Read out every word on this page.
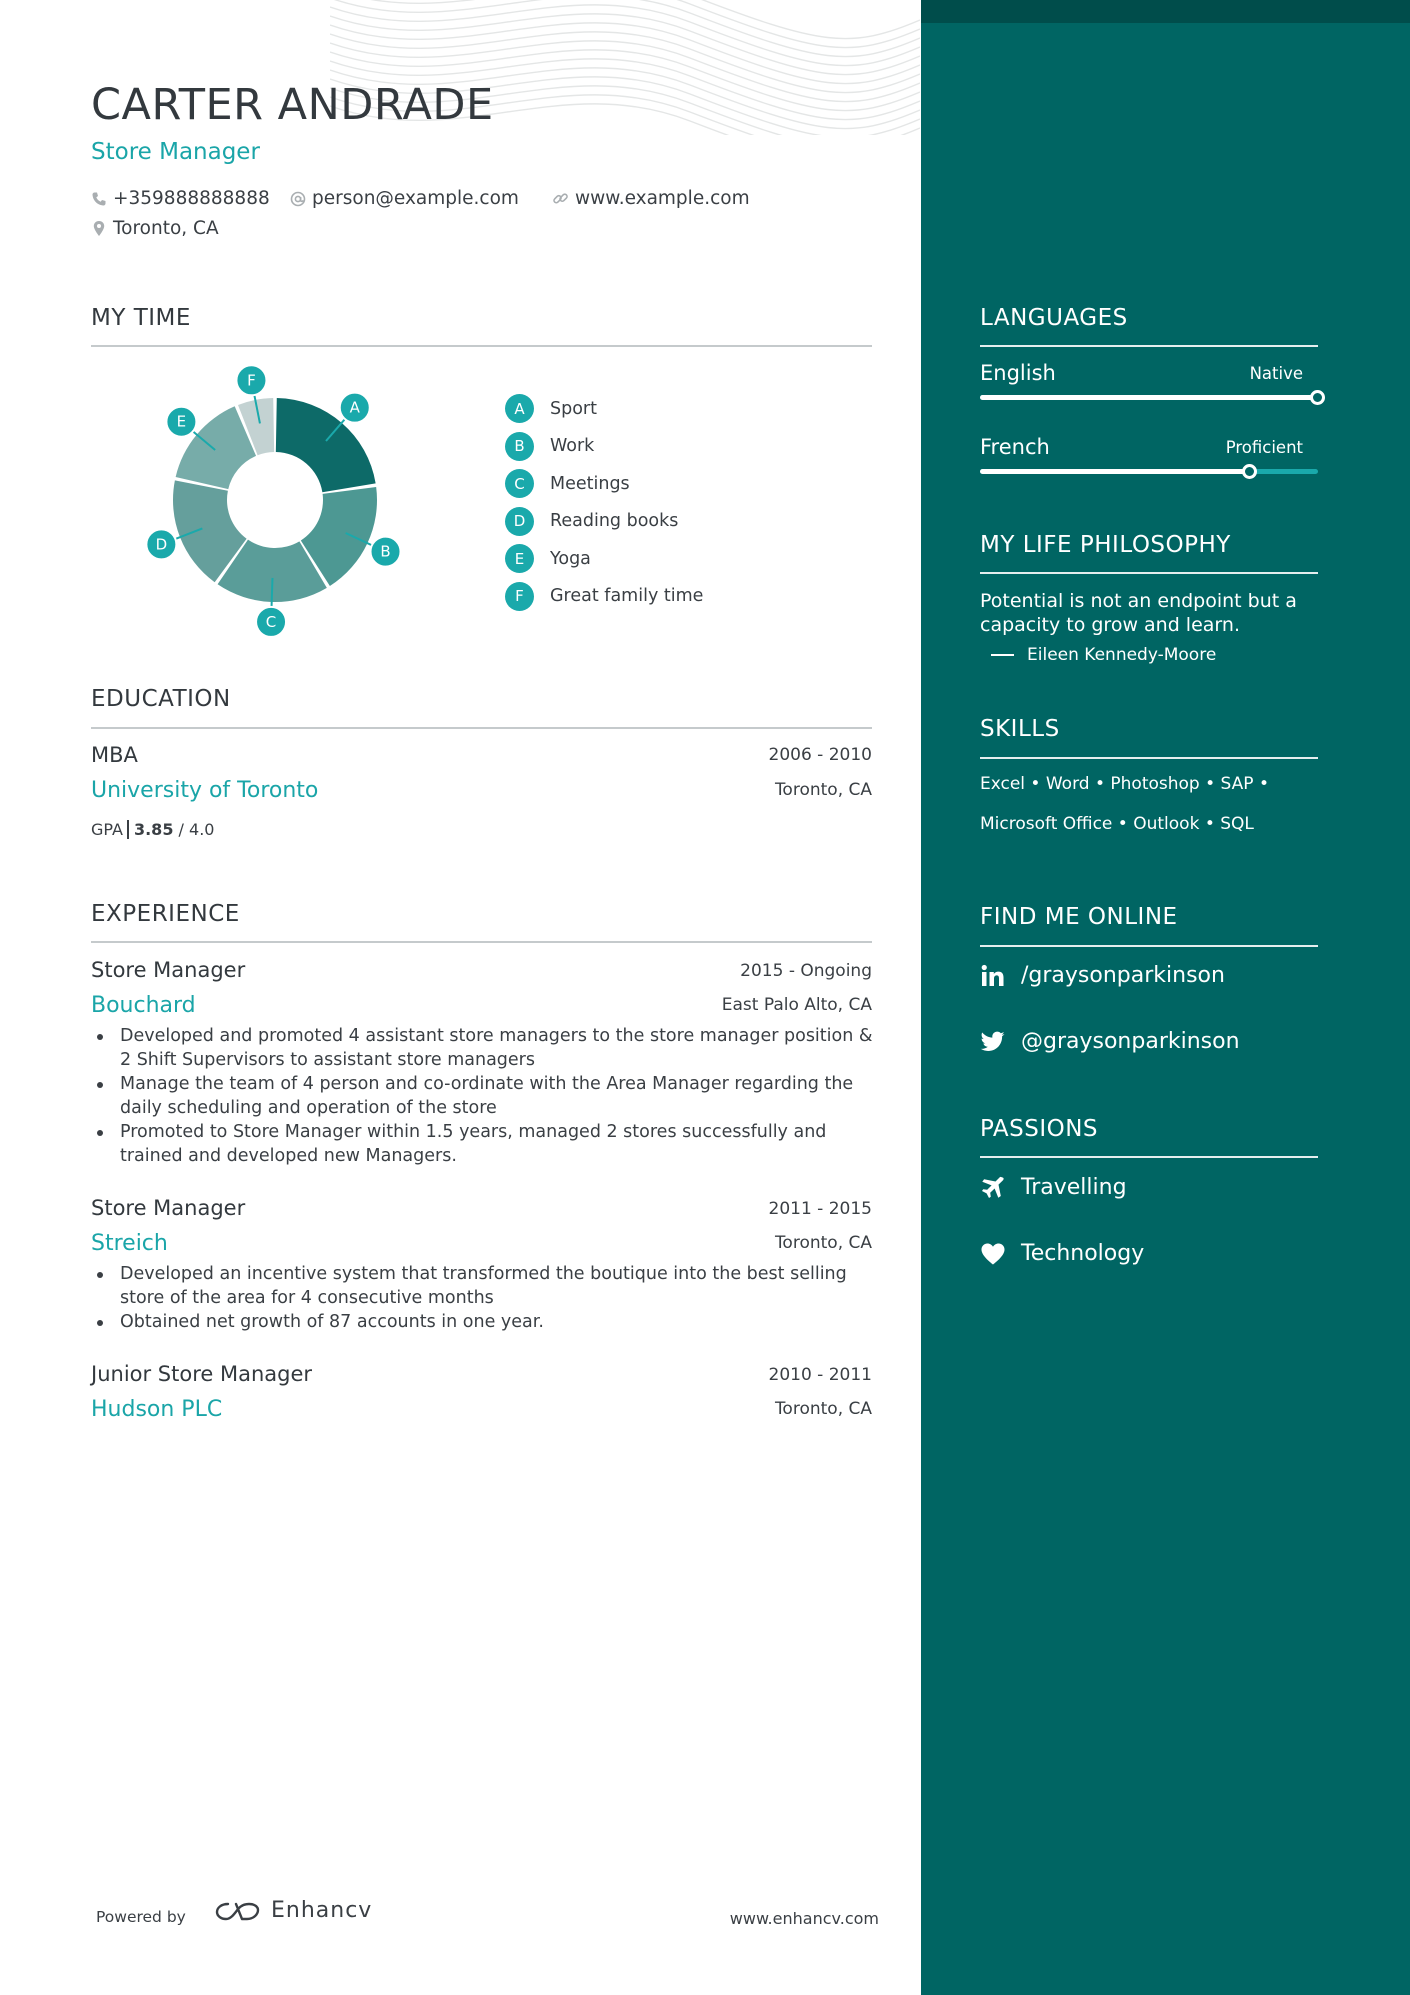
CARTER ANDRADE
Store Manager
+359888888888 person@example.com	www.example.com
Toronto, CA
MY TIME
A
B
C
D
E
F
A	Sport
B	Work
C	Meetings
D	Reading books
E	Yoga
F	Great family time
EDUCATION
MBA	2006 - 2010
University of Toronto	Toronto, CA
GPA 3.85 / 4.0
EXPERIENCE
Store Manager	2015 - Ongoing
Bouchard	East Palo Alto, CA
Developed and promoted 4 assistant store managers to the store manager position & 2 Shift Supervisors to assistant store managers
Manage the team of 4 person and co-ordinate with the Area Manager regarding the daily scheduling and operation of the store
Promoted to Store Manager within 1.5 years, managed 2 stores successfully and trained and developed new Managers.
Store Manager	2011 - 2015
Streich	Toronto, CA
Developed an incentive system that transformed the boutique into the best selling store of the area for 4 consecutive months
Obtained net growth of 87 accounts in one year.
Junior Store Manager	2010 - 2011
Hudson PLC	Toronto, CA
Powered by	Enhancv	www.enhancv.com
LANGUAGES
English	Native
French	Proficient
MY LIFE PHILOSOPHY
Potential is not an endpoint but a capacity to grow and learn.
Eileen Kennedy-Moore
SKILLS
Excel • Word • Photoshop • SAP •
Microsoft Office • Outlook • SQL
FIND ME ONLINE
/graysonparkinson
@graysonparkinson
PASSIONS
Travelling
Technology
